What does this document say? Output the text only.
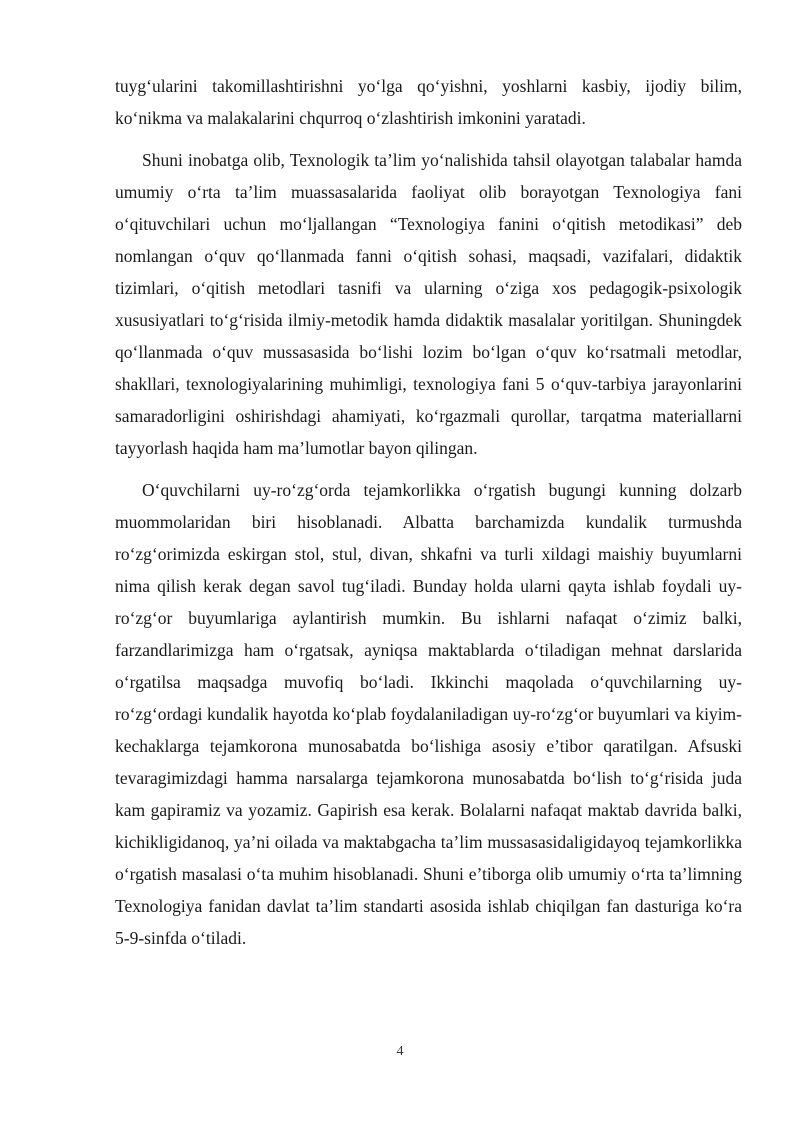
tuyg‘ularini takomillashtirishni yo‘lga qo‘yishni, yoshlarni kasbiy, ijodiy bilim, ko‘nikma va malakalarini chqurroq o‘zlashtirish imkonini yaratadi.

Shuni inobatga olib, Texnologik ta’lim yo‘nalishida tahsil olayotgan talabalar hamda umumiy o‘rta ta’lim muassasalarida faoliyat olib borayotgan Texnologiya fani o‘qituvchilari uchun mo‘ljallangan “Texnologiya fanini o‘qitish metodikasi” deb nomlangan o‘quv qo‘llanmada fanni o‘qitish sohasi, maqsadi, vazifalari, didaktik tizimlari, o‘qitish metodlari tasnifi va ularning o‘ziga xos pedagogik-psixologik xususiyatlari to‘g‘risida ilmiy-metodik hamda didaktik masalalar yoritilgan. Shuningdek qo‘llanmada o‘quv mussasasida bo‘lishi lozim bo‘lgan o‘quv ko‘rsatmali metodlar, shakllari, texnologiyalarining muhimligi, texnologiya fani 5 o‘quv-tarbiya jarayonlarini samaradorligini oshirishdagi ahamiyati, ko‘rgazmali qurollar, tarqatma materiallarni tayyorlash haqida ham ma’lumotlar bayon qilingan.

O‘quvchilarni uy-ro‘zg‘orda tejamkorlikka o‘rgatish bugungi kunning dolzarb muommolaridan biri hisoblanadi. Albatta barchamizda kundalik turmushda ro‘zg‘orimizda eskirgan stol, stul, divan, shkafni va turli xildagi maishiy buyumlarni nima qilish kerak degan savol tug‘iladi. Bunday holda ularni qayta ishlab foydali uy-ro‘zg‘or buyumlariga aylantirish mumkin. Bu ishlarni nafaqat o‘zimiz balki, farzandlarimizga ham o‘rgatsak, ayniqsa maktablarda o‘tiladigan mehnat darslarida o‘rgatilsa maqsadga muvofiq bo‘ladi. Ikkinchi maqolada o‘quvchilarning uy-ro‘zg‘ordagi kundalik hayotda ko‘plab foydalaniladigan uy-ro‘zg‘or buyumlari va kiyim-kechaklarga tejamkorona munosabatda bo‘lishiga asosiy e’tibor qaratilgan. Afsuski tevaragimizdagi hamma narsalarga tejamkorona munosabatda bo‘lish to‘g‘risida juda kam gapiramiz va yozamiz. Gapirish esa kerak. Bolalarni nafaqat maktab davrida balki, kichikligidanoq, ya’ni oilada va maktabgacha ta’lim mussasasidaligidayoq tejamkorlikka o‘rgatish masalasi o‘ta muhim hisoblanadi. Shuni e’tiborga olib umumiy o‘rta ta’limning Texnologiya fanidan davlat ta’lim standarti asosida ishlab chiqilgan fan dasturiga ko‘ra 5-9-sinfda o‘tiladi.

4
